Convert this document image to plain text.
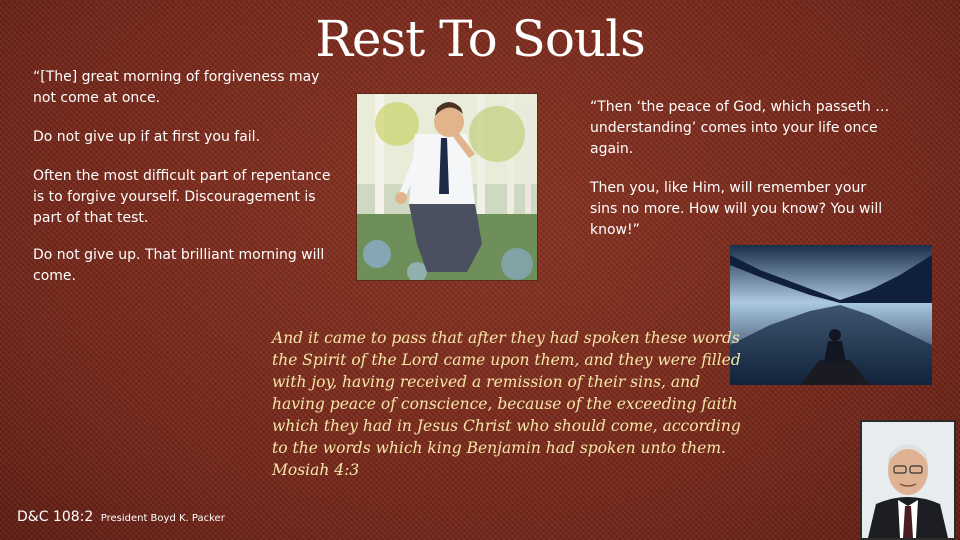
Rest To Souls

“[The] great morning of forgiveness may not come at once.

Do not give up if at first you fail.

Often the most difficult part of repentance is to forgive yourself. Discouragement is part of that test.

Do not give up. That brilliant morning will come.

“Then ‘the peace of God, which passeth … understanding’ comes into your life once again.

Then you, like Him, will remember your sins no more. How will you know? You will know!”

And it came to pass that after they had spoken these words the Spirit of the Lord came upon them, and they were filled with joy, having received a remission of their sins, and having peace of conscience, because of the exceeding faith which they had in Jesus Christ who should come, according to the words which king Benjamin had spoken unto them.

Mosiah 4:3

D&C 108:2 President Boyd K. Packer
